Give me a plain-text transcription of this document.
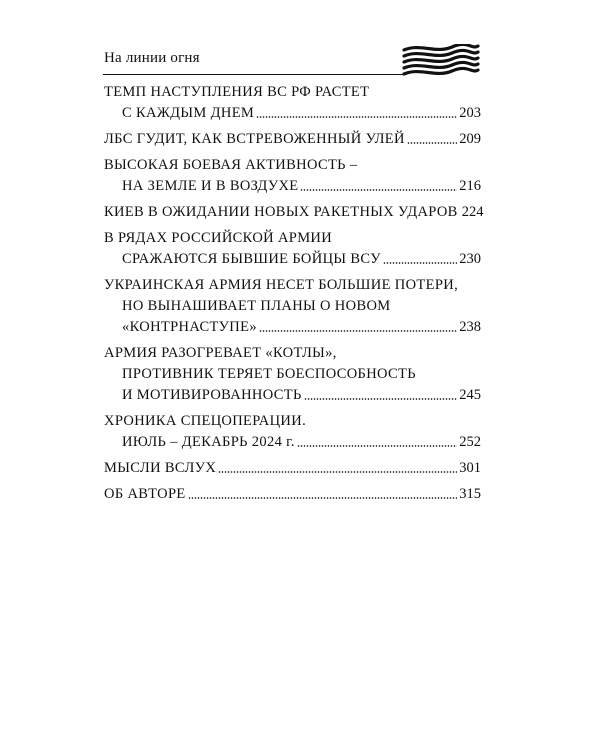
На линии огня
ТЕМП НАСТУПЛЕНИЯ ВС РФ РАСТЕТ
С КАЖДЫМ ДНЕМ	203
ЛБС ГУДИТ, КАК ВСТРЕВОЖЕННЫЙ УЛЕЙ	209
ВЫСОКАЯ БОЕВАЯ АКТИВНОСТЬ –
НА ЗЕМЛЕ И В ВОЗДУХЕ	216
КИЕВ В ОЖИДАНИИ НОВЫХ РАКЕТНЫХ УДАРОВ 224
В РЯДАХ РОССИЙСКОЙ АРМИИ
СРАЖАЮТСЯ БЫВШИЕ БОЙЦЫ ВСУ	230
УКРАИНСКАЯ АРМИЯ НЕСЕТ БОЛЬШИЕ ПОТЕРИ,
НО ВЫНАШИВАЕТ ПЛАНЫ О НОВОМ
«КОНТРНАСТУПЕ»	238
АРМИЯ РАЗОГРЕВАЕТ «КОТЛЫ»,
ПРОТИВНИК ТЕРЯЕТ БОЕСПОСОБНОСТЬ
И МОТИВИРОВАННОСТЬ	245
ХРОНИКА СПЕЦОПЕРАЦИИ.
ИЮЛЬ – ДЕКАБРЬ 2024 г.	252
МЫСЛИ ВСЛУХ	301
ОБ АВТОРЕ	315
